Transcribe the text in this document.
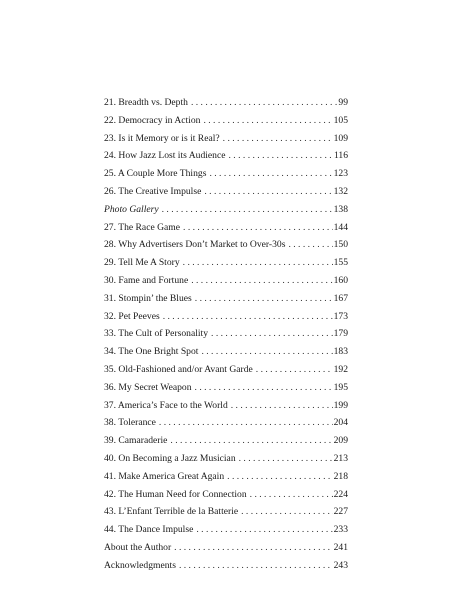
21. Breadth vs. Depth . . .	99
22. Democracy in Action . . .	105
23. Is it Memory or is it Real? . . .	109
24. How Jazz Lost its Audience . . .	116
25. A Couple More Things . . .	123
26. The Creative Impulse . . .	132
Photo Gallery . . .	138
27. The Race Game . . .	144
28. Why Advertisers Don’t Market to Over-30s . . .	150
29. Tell Me A Story . . .	155
30. Fame and Fortune . . .	160
31. Stompin’ the Blues . . .	167
32. Pet Peeves . . .	173
33. The Cult of Personality . . .	179
34. The One Bright Spot . . .	183
35. Old-Fashioned and/or Avant Garde . . .	192
36. My Secret Weapon . . .	195
37. America’s Face to the World . . .	199
38. Tolerance . . .	204
39. Camaraderie . . .	209
40. On Becoming a Jazz Musician . . .	213
41. Make America Great Again . . .	218
42. The Human Need for Connection . . .	224
43. L’Enfant Terrible de la Batterie . . .	227
44. The Dance Impulse . . .	233
About the Author . . .	241
Acknowledgments . . .	243
